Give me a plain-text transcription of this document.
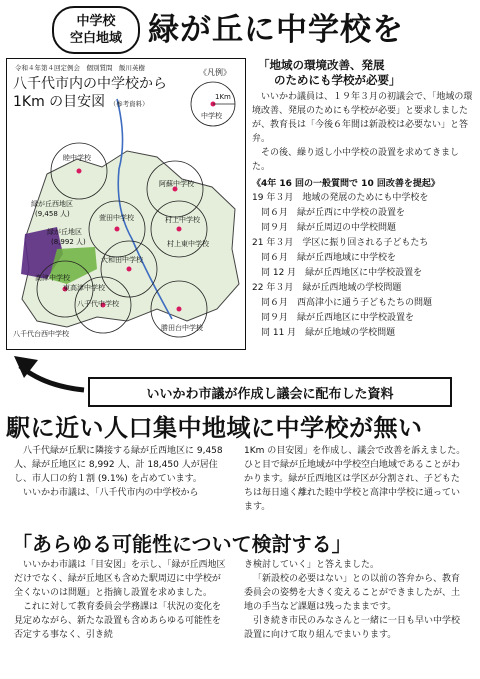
中学校
空白地域 緑が丘に中学校を
令和４年第４回定例会　個別質問　飯川英樹
八千代市内の中学校から
1Km の目安図 （参考資料）
《凡例》
1Km
中学校
睦中学校
緑が丘西地区
(9,458 人)
緑が丘地区
(8,992 人)
阿蘇中学校
萱田中学校	村上中学校
村上東中学校
大和田中学校
高津中学校
東高津中学校
八千代中学校
勝田台中学校
八千代台西中学校
「地域の環境改善、発展
のためにも学校が必要」
いいかわ議員は、１９年３月の初議会で、「地域の環境改善、発展のためにも学校が必要」と要求しましたが、教育長は「今後６年間は新設校は必要ない」と答弁。
その後、繰り返し小中学校の設置を求めてきました。
《4年 16 回の一般質問で 10 回改善を提起》
19 年３月　地域の発展のためにも中学校を
　同６月　緑が丘西に中学校の設置を
　同９月　緑が丘周辺の中学校問題
21 年３月　学区に振り回される子どもたち
　同６月　緑が丘西地域に中学校を
　同 12 月　緑が丘西地区に中学校設置を
22 年３月　緑が丘西地域の学校問題
　同６月　西高津小に通う子どもたちの問題
　同９月　緑が丘西地区に中学校設置を
　同 11 月　緑が丘地域の学校問題
いいかわ市議が作成し議会に配布した資料
駅に近い人口集中地域に中学校が無い
八千代緑が丘駅に隣接する緑が丘西地区に 9,458 人、緑が丘地区に 8,992 人、計 18,450 人が居住し、市人口の約１割 (9.1%) を占めています。
いいかわ市議は、「八千代市内の中学校から
1Km の目安図」を作成し、議会で改善を訴えました。ひと目で緑が丘地域が中学校空白地域であることがわかります。緑が丘西地区は学区が分割され、子どもたちは毎日遠く離れた睦中学校と高津中学校に通っています。
「あらゆる可能性について検討する」
いいかわ市議は「目安図」を示し、「緑が丘西地区だけでなく、緑が丘地区も含めた駅周辺に中学校が全くないのは問題」と指摘し設置を求めました。
これに対して教育委員会学務課は「状況の変化を見定めながら、新たな設置も含めあらゆる可能性を否定する事なく、引き続
き検討していく」と答えました。
「新設校の必要はない」との以前の答弁から、教育委員会の姿勢を大きく変えることができましたが、土地の手当など課題は残ったままです。
引き続き市民のみなさんと一緒に一日も早い中学校設置に向けて取り組んでまいります。
